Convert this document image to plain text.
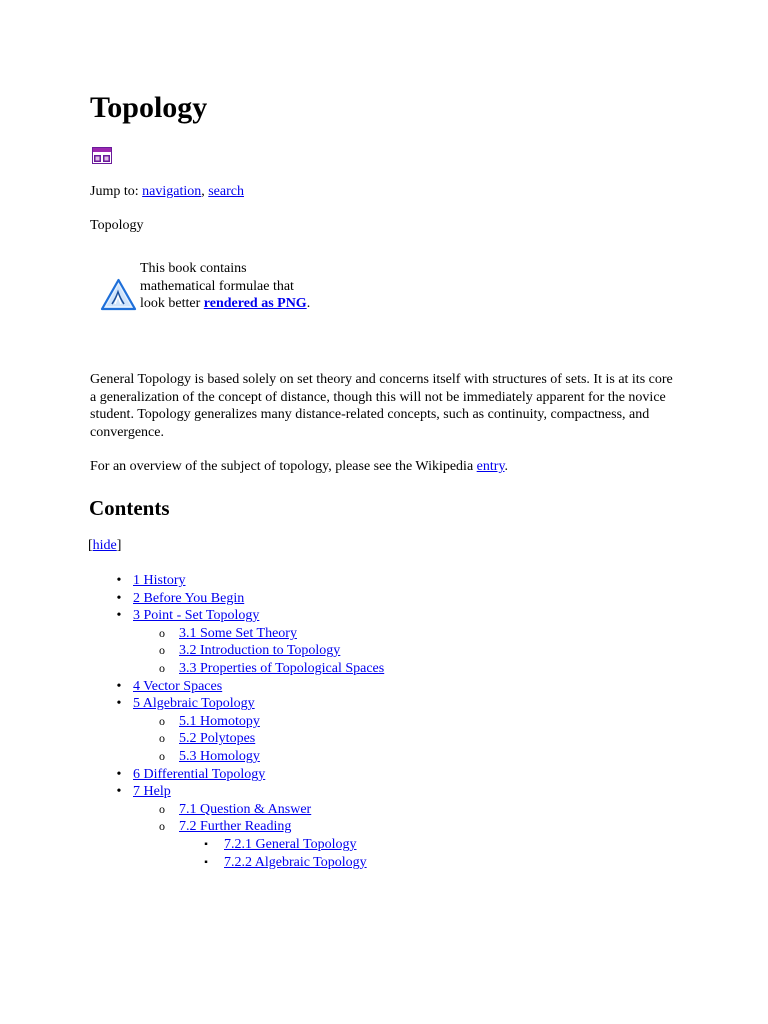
Topology

Jump to: navigation, search

Topology

This book contains mathematical formulae that look better rendered as PNG.

General Topology is based solely on set theory and concerns itself with structures of sets. It is at its core a generalization of the concept of distance, though this will not be immediately apparent for the novice student. Topology generalizes many distance-related concepts, such as continuity, compactness, and convergence.

For an overview of the subject of topology, please see the Wikipedia entry.

Contents

[hide]

• 1 History
• 2 Before You Begin
• 3 Point - Set Topology
o 3.1 Some Set Theory
o 3.2 Introduction to Topology
o 3.3 Properties of Topological Spaces
• 4 Vector Spaces
• 5 Algebraic Topology
o 5.1 Homotopy
o 5.2 Polytopes
o 5.3 Homology
• 6 Differential Topology
• 7 Help
o 7.1 Question & Answer
o 7.2 Further Reading
▪	7.2.1 General Topology
▪	7.2.2 Algebraic Topology
